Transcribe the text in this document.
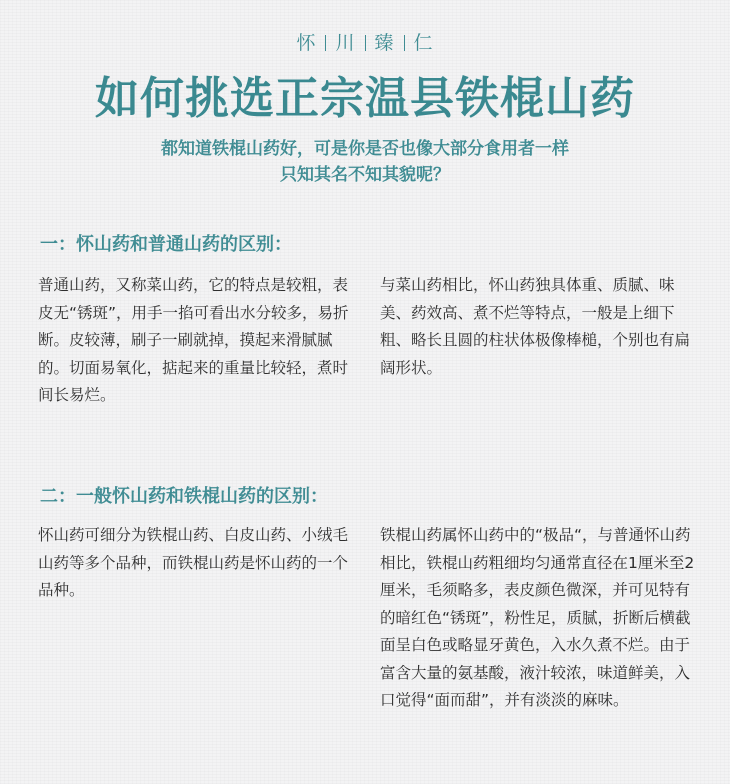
怀 川 臻 仁
如何挑选正宗温县铁棍山药
都知道铁棍山药好，可是你是否也像大部分食用者一样
只知其名不知其貌呢？
一：怀山药和普通山药的区别：
普通山药，又称菜山药，它的特点是较粗，表皮无“锈斑”，用手一掐可看出水分较多，易折断。皮较薄，刷子一刷就掉，摸起来滑腻腻的。切面易氧化，掂起来的重量比较轻，煮时间长易烂。
与菜山药相比，怀山药独具体重、质腻、味美、药效高、煮不烂等特点，一般是上细下粗、略长且圆的柱状体极像棒槌，个别也有扁阔形状。
二：一般怀山药和铁棍山药的区别：
怀山药可细分为铁棍山药、白皮山药、小绒毛山药等多个品种，而铁棍山药是怀山药的一个品种。
铁棍山药属怀山药中的“极品“，与普通怀山药相比，铁棍山药粗细均匀通常直径在1厘米至2厘米，毛须略多，表皮颜色微深，并可见特有的暗红色“锈斑”，粉性足，质腻，折断后横截面呈白色或略显牙黄色，入水久煮不烂。由于富含大量的氨基酸，液汁较浓，味道鲜美，入口觉得“面而甜”，并有淡淡的麻味。
